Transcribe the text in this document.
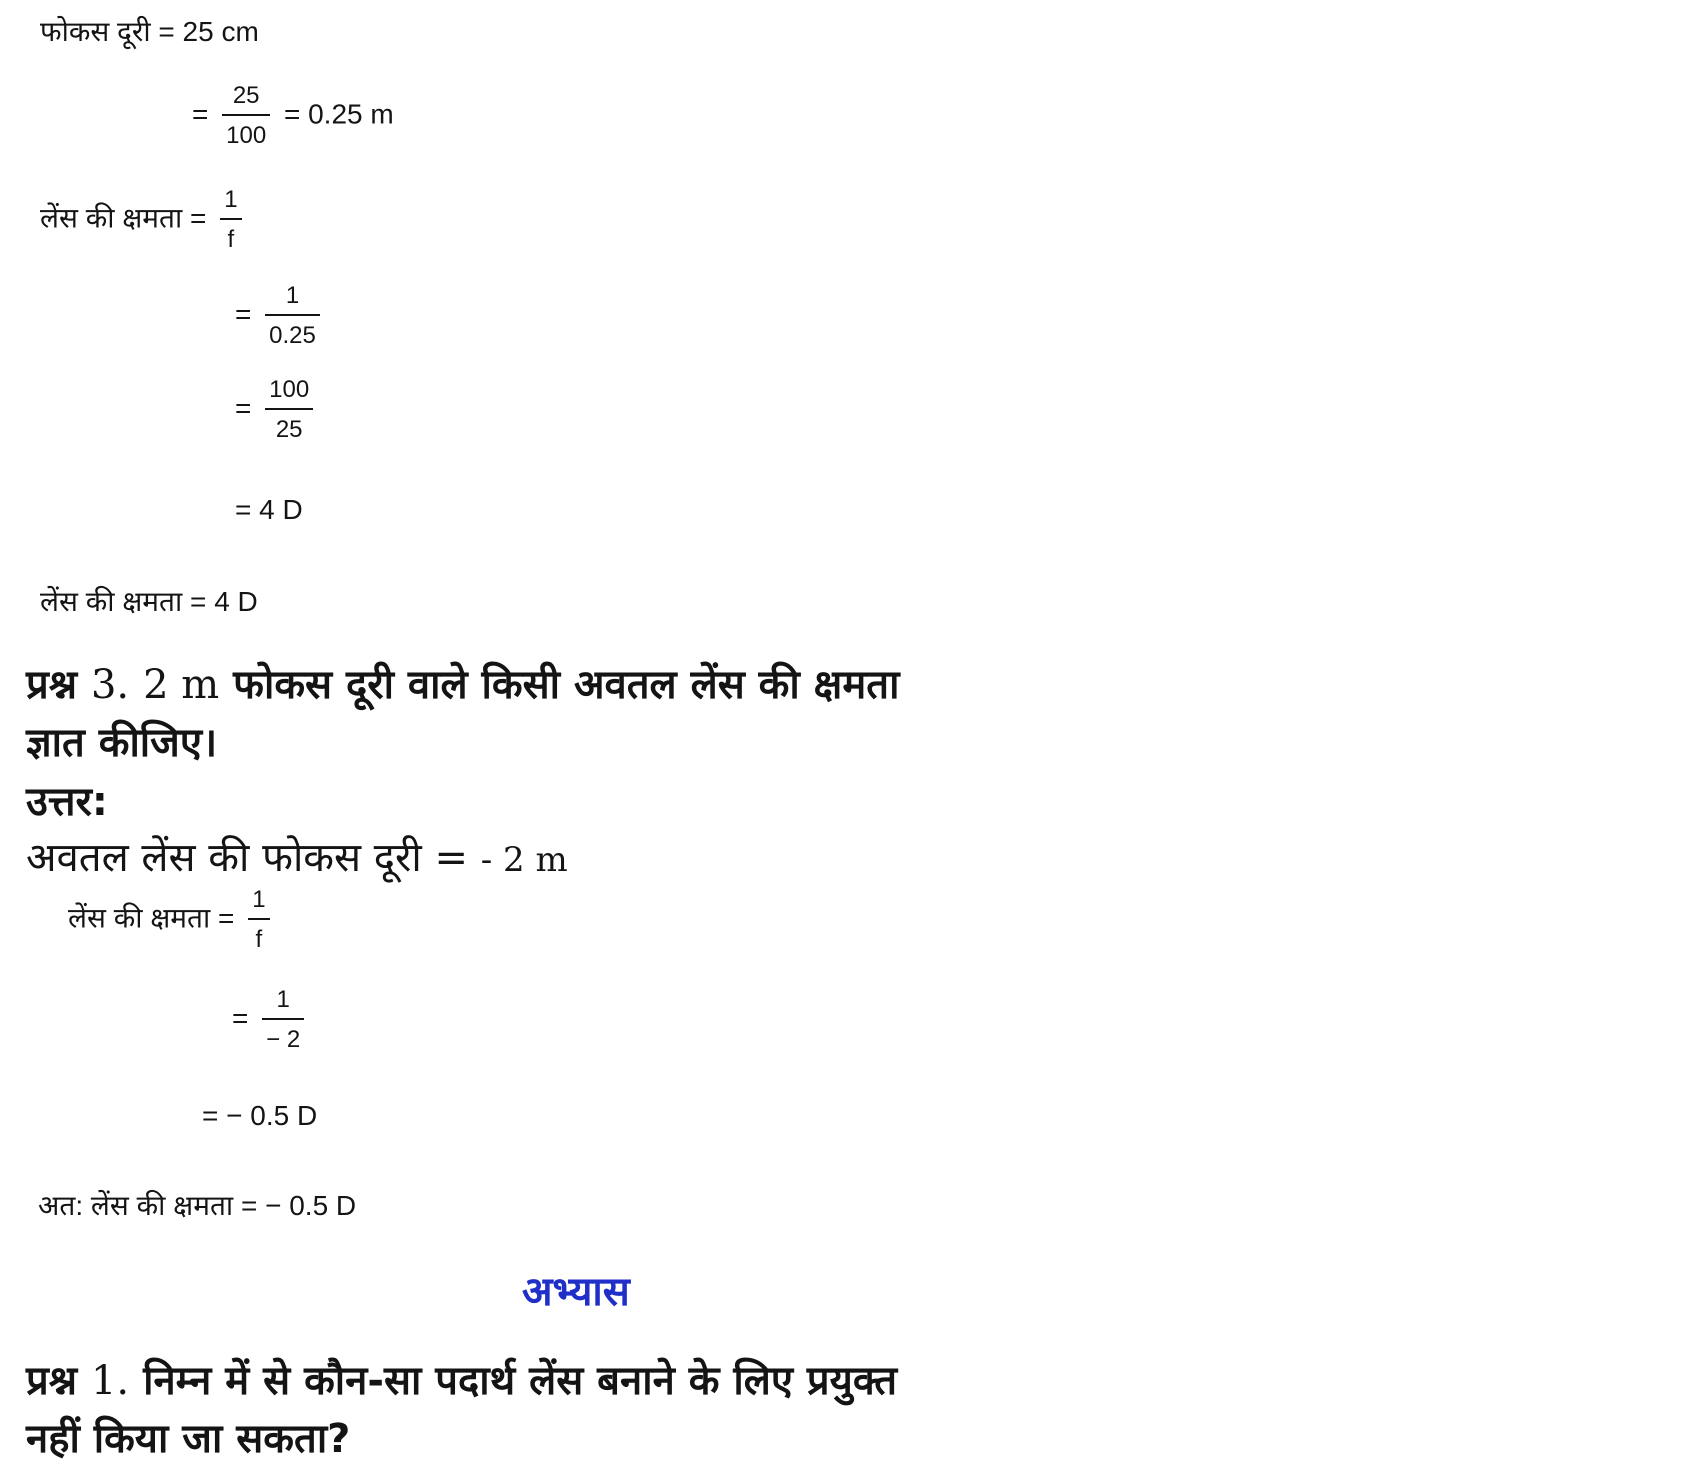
फोकस दूरी = 25 cm
= $\frac{25}{100} = 0.25$ m
लेंस की क्षमता = $\frac{1}{f}$
= $\frac{1}{0.25}$
= $\frac{100}{25}$
= 4 D
लेंस की क्षमता = 4 D
प्रश्न 3. 2 m फोकस दूरी वाले किसी अवतल लेंस की क्षमता
ज्ञात कीजिए।
उत्तर:
अवतल लेंस की फोकस दूरी = - 2 m
लेंस की क्षमता = $\frac{1}{f}$
= $\frac{1}{- 2}$
= − 0.5 D
अत: लेंस की क्षमता = − 0.5 D
अभ्यास
प्रश्न 1. निम्न में से कौन-सा पदार्थ लेंस बनाने के लिए प्रयुक्त
नहीं किया जा सकता?
